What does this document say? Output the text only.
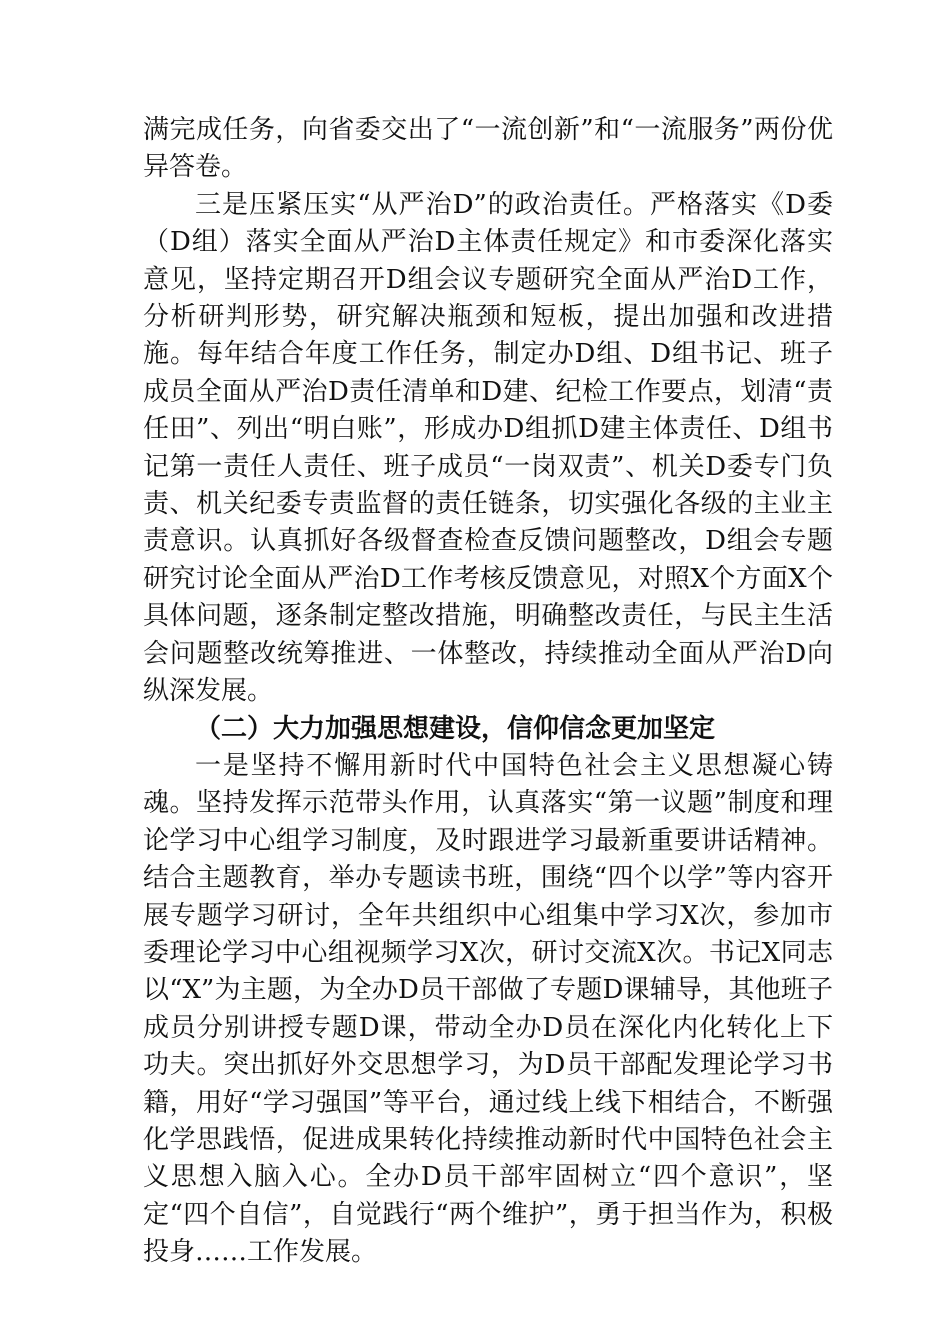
满完成任务，向省委交出了“一流创新”和“一流服务”两份优异答卷。

三是压紧压实“从严治D”的政治责任。严格落实《D委（D组）落实全面从严治D主体责任规定》和市委深化落实意见，坚持定期召开D组会议专题研究全面从严治D工作，分析研判形势，研究解决瓶颈和短板，提出加强和改进措施。每年结合年度工作任务，制定办D组、D组书记、班子成员全面从严治D责任清单和D建、纪检工作要点，划清“责任田”、列出“明白账”，形成办D组抓D建主体责任、D组书记第一责任人责任、班子成员“一岗双责”、机关D委专门负责、机关纪委专责监督的责任链条，切实强化各级的主业主责意识。认真抓好各级督查检查反馈问题整改，D组会专题研究讨论全面从严治D工作考核反馈意见，对照X个方面X个具体问题，逐条制定整改措施，明确整改责任，与民主生活会问题整改统筹推进、一体整改，持续推动全面从严治D向纵深发展。

（二）大力加强思想建设，信仰信念更加坚定

一是坚持不懈用新时代中国特色社会主义思想凝心铸魂。坚持发挥示范带头作用，认真落实“第一议题”制度和理论学习中心组学习制度，及时跟进学习最新重要讲话精神。结合主题教育，举办专题读书班，围绕“四个以学”等内容开展专题学习研讨，全年共组织中心组集中学习X次，参加市委理论学习中心组视频学习X次，研讨交流X次。书记X同志以“X”为主题，为全办D员干部做了专题D课辅导，其他班子成员分别讲授专题D课，带动全办D员在深化内化转化上下功夫。突出抓好外交思想学习，为D员干部配发理论学习书籍，用好“学习强国”等平台，通过线上线下相结合，不断强化学思践悟，促进成果转化持续推动新时代中国特色社会主义思想入脑入心。全办D员干部牢固树立“四个意识”，坚定“四个自信”，自觉践行“两个维护”，勇于担当作为，积极投身……工作发展。
